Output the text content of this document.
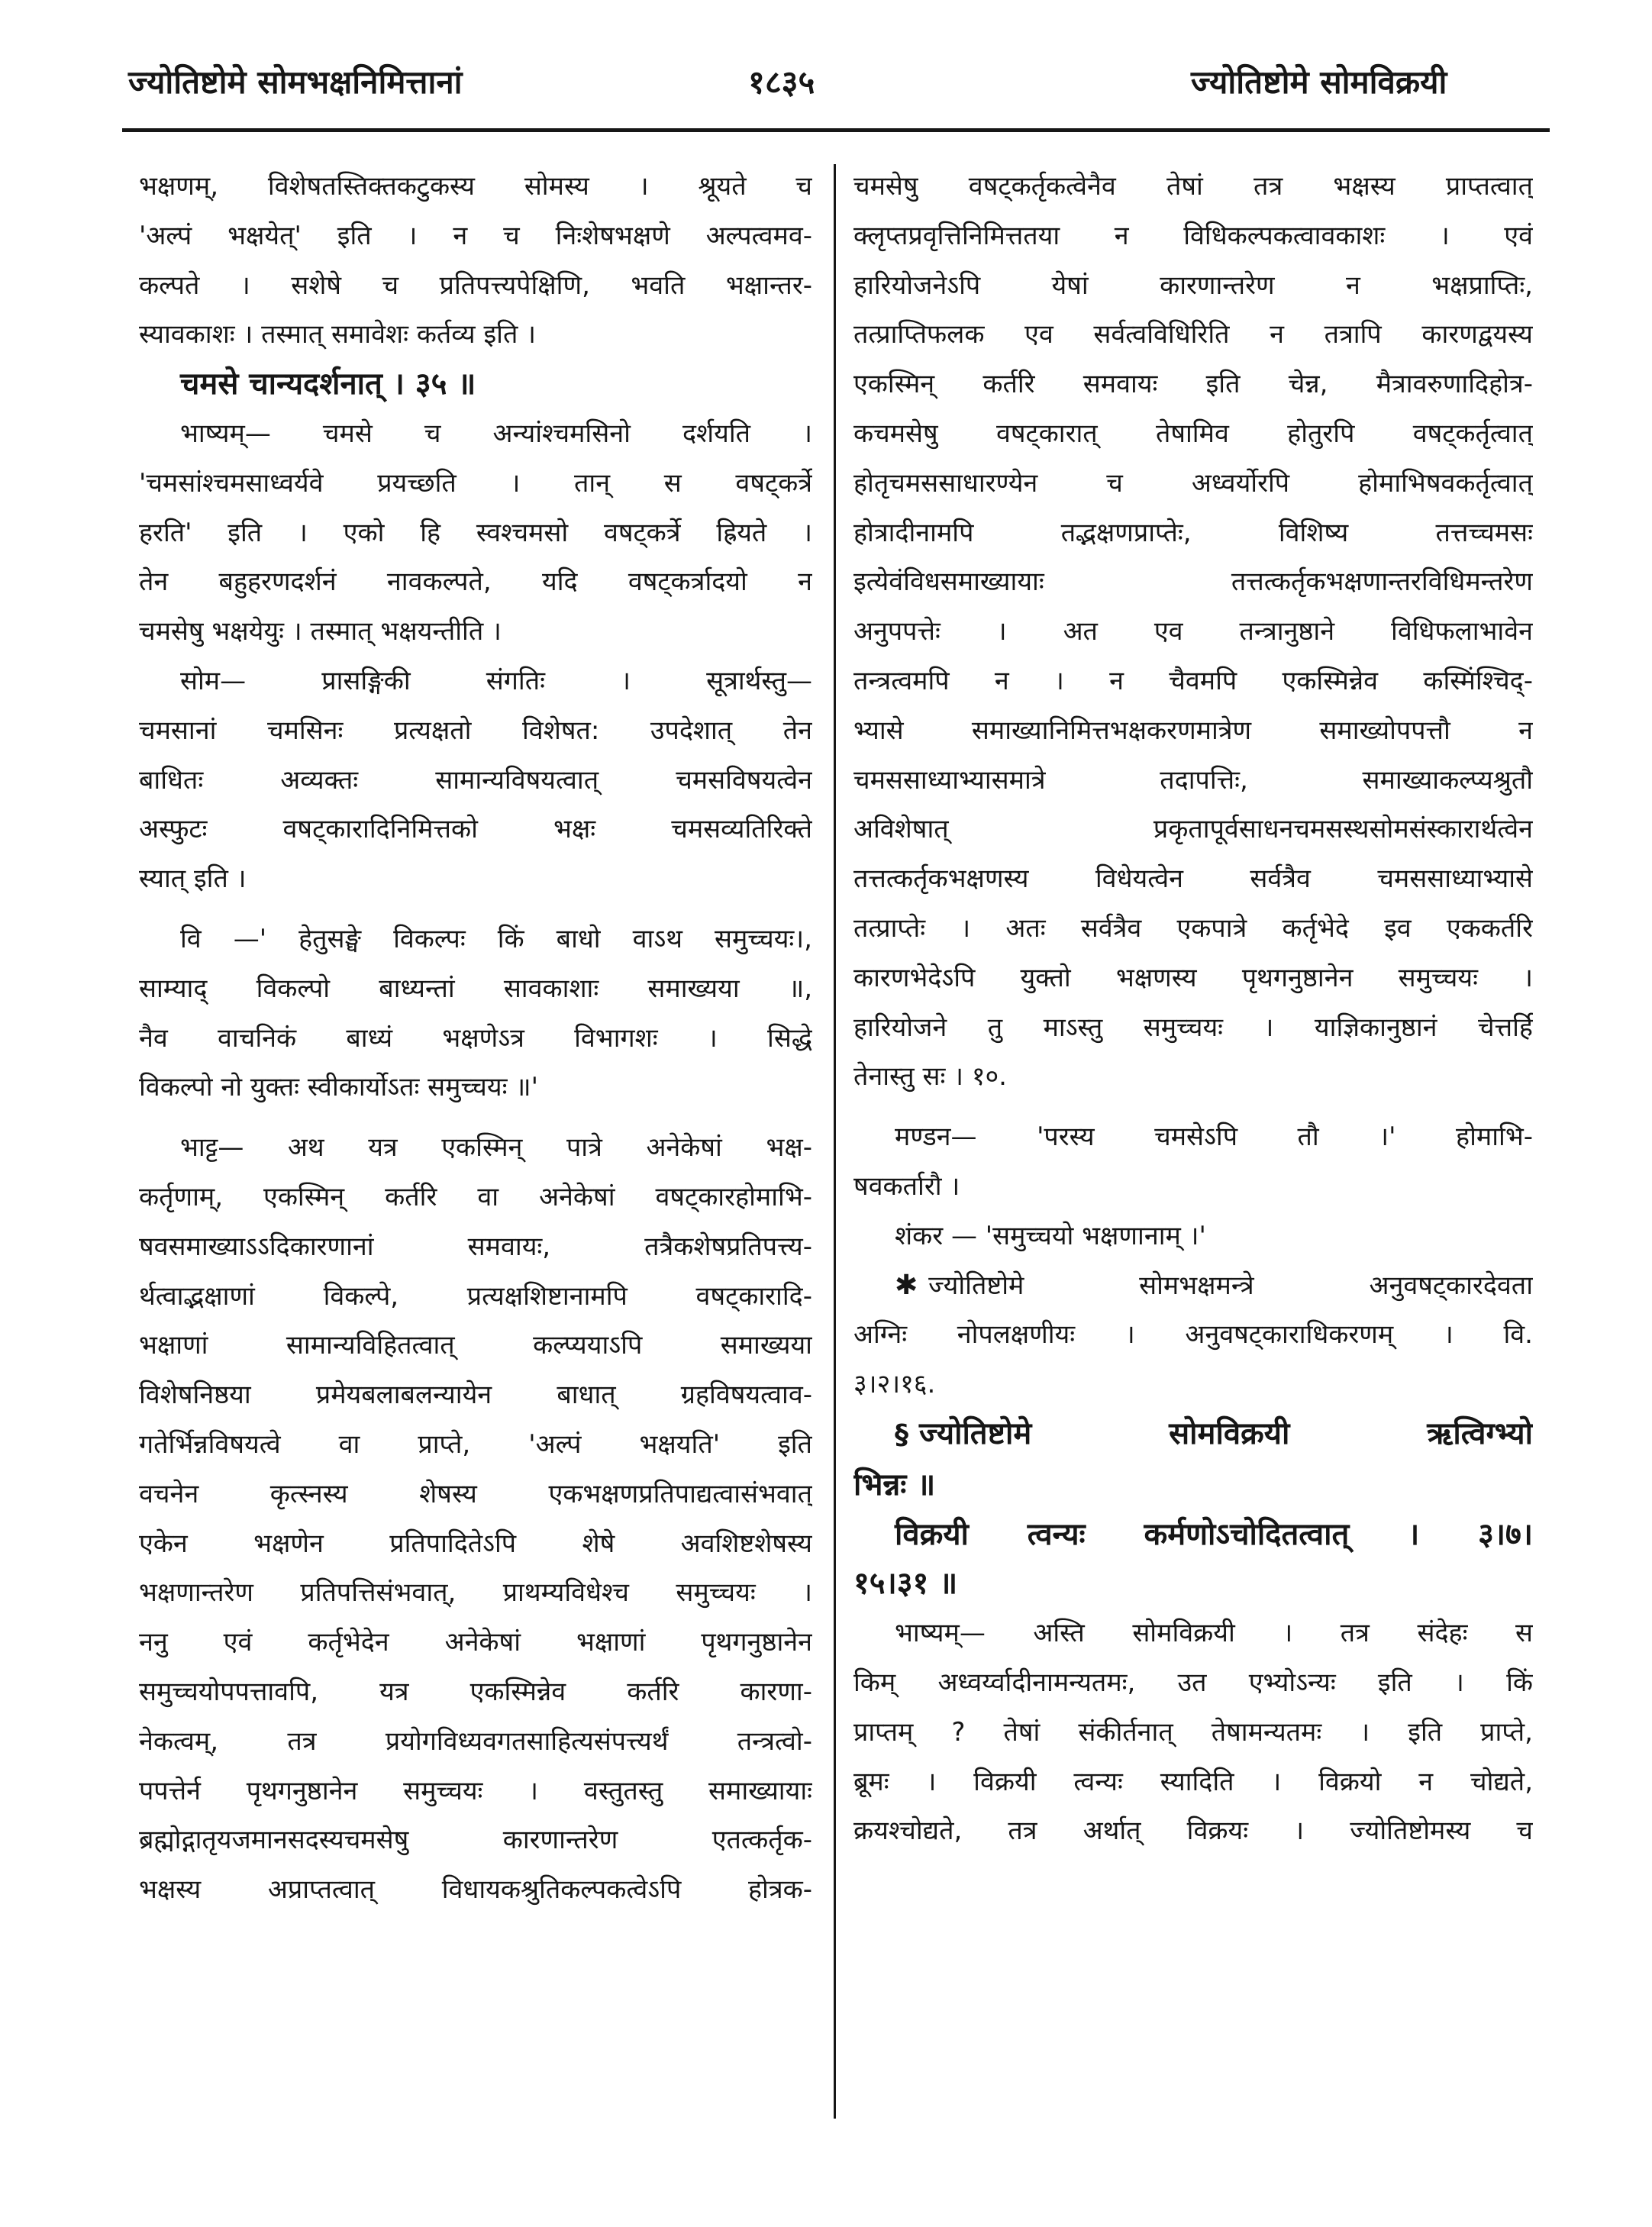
ज्योतिष्टोमे सोमभक्षनिमित्तानां	१८३५	ज्योतिष्टोमे सोमविक्रयी
भक्षणम्, विशेषतस्तिक्तकटुकस्य सोमस्य । श्रूयते च
'अल्पं भक्षयेत्' इति । न च निःशेषभक्षणे अल्पत्वमव-
कल्पते । सशेषे च प्रतिपत्त्यपेक्षिणि, भवति भक्षान्तर-
स्यावकाशः । तस्मात् समावेशः कर्तव्य इति ।
चमसे चान्यदर्शनात् । ३५ ॥
भाष्यम्— चमसे च अन्यांश्चमसिनो दर्शयति ।
'चमसांश्चमसाध्वर्यवे प्रयच्छति । तान् स वषट्कर्त्रे
हरति' इति । एको हि स्वश्चमसो वषट्कर्त्रे ह्रियते ।
तेन बहुहरणदर्शनं नावकल्पते, यदि वषट्कर्त्रादयो न
चमसेषु भक्षयेयुः । तस्मात् भक्षयन्तीति ।
सोम— प्रासङ्गिकी संगतिः । सूत्रार्थस्तु—
चमसानां चमसिनः प्रत्यक्षतो विशेषत: उपदेशात् तेन
बाधितः अव्यक्तः सामान्यविषयत्वात् चमसविषयत्वेन
अस्फुटः वषट्कारादिनिमित्तको भक्षः चमसव्यतिरिक्ते
स्यात् इति ।
वि —' हेतुसङ्घे विकल्पः किं बाधो वाऽथ समुच्चयः।,
साम्याद् विकल्पो बाध्यन्तां सावकाशाः समाख्यया ॥,
नैव वाचनिकं बाध्यं भक्षणेऽत्र विभागशः । सिद्धे
विकल्पो नो युक्तः स्वीकार्योऽतः समुच्चयः ॥'
भाट्ट— अथ यत्र एकस्मिन् पात्रे अनेकेषां भक्ष-
कर्तृणाम्, एकस्मिन् कर्तरि वा अनेकेषां वषट्कारहोमाभि-
षवसमाख्याऽऽदिकारणानां समवायः, तत्रैकशेषप्रतिपत्त्य-
र्थत्वाद्भक्षाणां विकल्पे, प्रत्यक्षशिष्टानामपि वषट्कारादि-
भक्षाणां सामान्यविहितत्वात् कल्प्ययाऽपि समाख्यया
विशेषनिष्ठया प्रमेयबलाबलन्यायेन बाधात् ग्रहविषयत्वाव-
गतेर्भिन्नविषयत्वे वा प्राप्ते, 'अल्पं भक्षयति' इति
वचनेन कृत्स्नस्य शेषस्य एकभक्षणप्रतिपाद्यत्वासंभवात्
एकेन भक्षणेन प्रतिपादितेऽपि शेषे अवशिष्टशेषस्य
भक्षणान्तरेण प्रतिपत्तिसंभवात्, प्राथम्यविधेश्च समुच्चयः ।
ननु एवं कर्तृभेदेन अनेकेषां भक्षाणां पृथगनुष्ठानेन
समुच्चयोपपत्तावपि, यत्र एकस्मिन्नेव कर्तरि कारणा-
नेकत्वम्, तत्र प्रयोगविध्यवगतसाहित्यसंपत्त्यर्थं तन्त्रत्वो-
पपत्तेर्न पृथगनुष्ठानेन समुच्चयः । वस्तुतस्तु समाख्यायाः
ब्रह्मोद्गातृयजमानसदस्यचमसेषु कारणान्तरेण एतत्कर्तृक-
भक्षस्य अप्राप्तत्वात् विधायकश्रुतिकल्पकत्वेऽपि होत्रक-
चमसेषु वषट्कर्तृकत्वेनैव तेषां तत्र भक्षस्य प्राप्तत्वात्
क्लृप्तप्रवृत्तिनिमित्ततया न विधिकल्पकत्वावकाशः । एवं
हारियोजनेऽपि येषां कारणान्तरेण न भक्षप्राप्तिः,
तत्प्राप्तिफलक एव सर्वत्वविधिरिति न तत्रापि कारणद्वयस्य
एकस्मिन् कर्तरि समवायः इति चेन्न, मैत्रावरुणादिहोत्र-
कचमसेषु वषट्कारात् तेषामिव होतुरपि वषट्कर्तृत्वात्
होतृचमससाधारण्येन च अध्वर्योरपि होमाभिषवकर्तृत्वात्
होत्रादीनामपि तद्भक्षणप्राप्तेः, विशिष्य तत्तच्चमसः
इत्येवंविधसमाख्यायाः तत्तत्कर्तृकभक्षणान्तरविधिमन्तरेण
अनुपपत्तेः । अत एव तन्त्रानुष्ठाने विधिफलाभावेन
तन्त्रत्वमपि न । न चैवमपि एकस्मिन्नेव कस्मिंश्चिद्-
भ्यासे समाख्यानिमित्तभक्षकरणमात्रेण समाख्योपपत्तौ न
चमससाध्याभ्यासमात्रे तदापत्तिः, समाख्याकल्प्यश्रुतौ
अविशेषात् प्रकृतापूर्वसाधनचमसस्थसोमसंस्कारार्थत्वेन
तत्तत्कर्तृकभक्षणस्य विधेयत्वेन सर्वत्रैव चमससाध्याभ्यासे
तत्प्राप्तेः । अतः सर्वत्रैव एकपात्रे कर्तृभेदे इव एककर्तरि
कारणभेदेऽपि युक्तो भक्षणस्य पृथगनुष्ठानेन समुच्चयः ।
हारियोजने तु माऽस्तु समुच्चयः । याज्ञिकानुष्ठानं चेत्तर्हि
तेनास्तु सः । १०.
मण्डन— 'परस्य चमसेऽपि तौ ।' होमाभि-
षवकर्तारौ ।
शंकर — 'समुच्चयो भक्षणानाम् ।'
✱ ज्योतिष्टोमे सोमभक्षमन्त्रे अनुवषट्कारदेवता
अग्निः नोपलक्षणीयः । अनुवषट्काराधिकरणम् । वि.
३।२।१६.
§ ज्योतिष्टोमे सोमविक्रयी ऋत्विग्भ्यो
भिन्नः ॥
विक्रयी त्वन्यः कर्मणोऽचोदितत्वात् । ३।७।
१५।३१ ॥
भाष्यम्— अस्ति सोमविक्रयी । तत्र संदेहः स
किम् अध्वर्य्वादीनामन्यतमः, उत एभ्योऽन्यः इति । किं
प्राप्तम् ? तेषां संकीर्तनात् तेषामन्यतमः । इति प्राप्ते,
ब्रूमः । विक्रयी त्वन्यः स्यादिति । विक्रयो न चोद्यते,
क्रयश्चोद्यते, तत्र अर्थात् विक्रयः । ज्योतिष्टोमस्य च
